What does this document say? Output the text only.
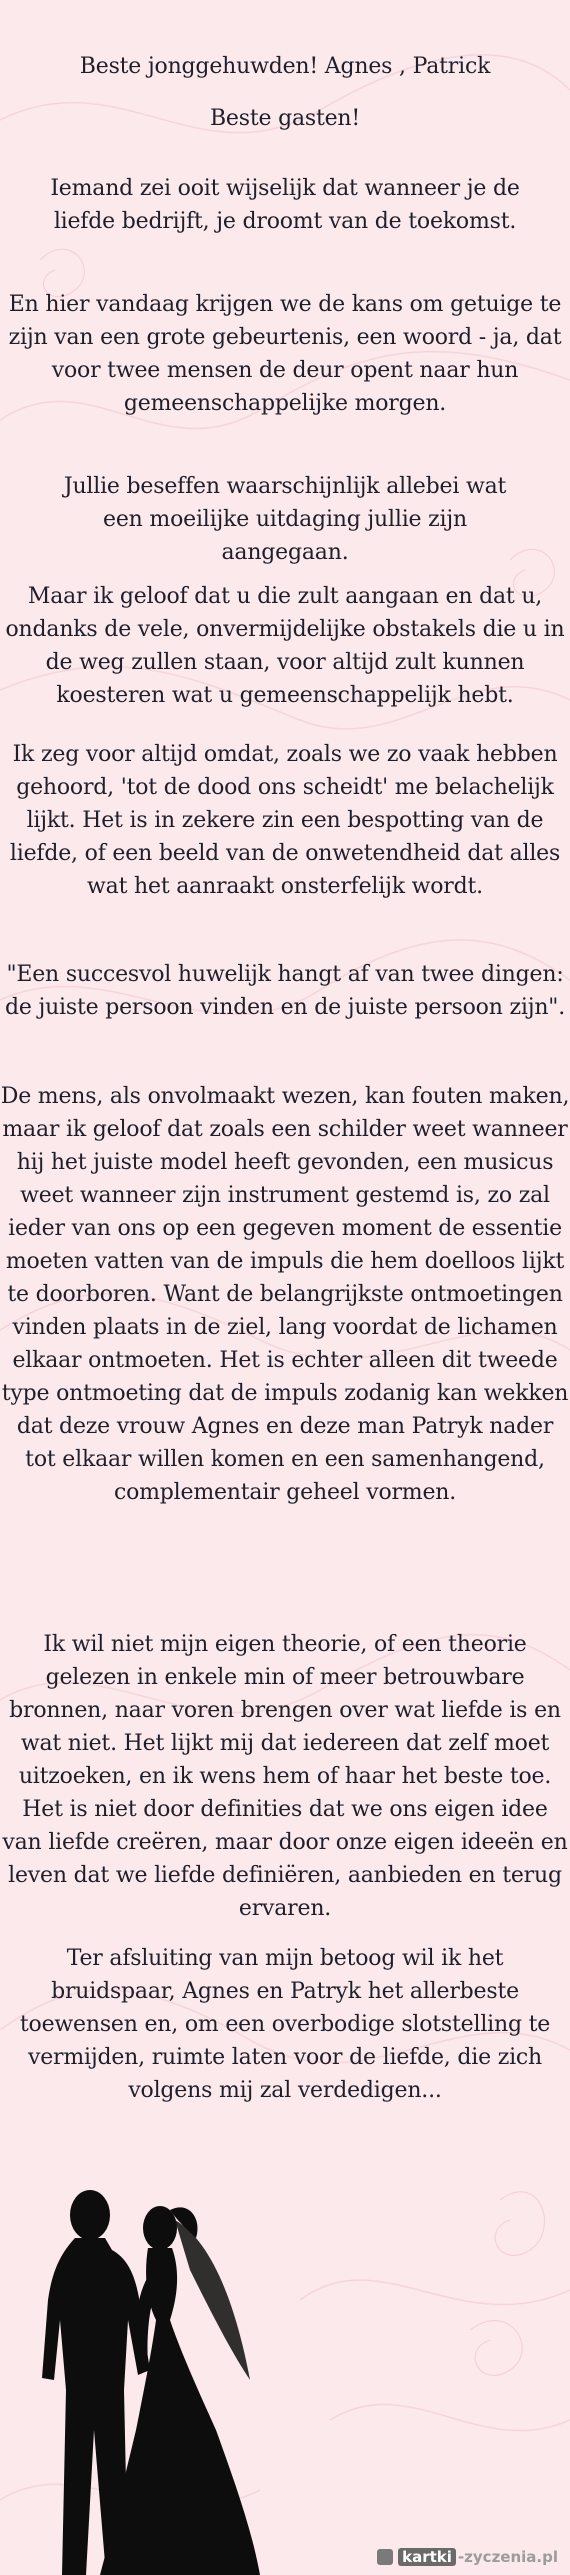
Beste jonggehuwden! Agnes , Patrick
Beste gasten!
Iemand zei ooit wijselijk dat wanneer je de liefde bedrijft, je droomt van de toekomst.
En hier vandaag krijgen we de kans om getuige te zijn van een grote gebeurtenis, een woord - ja, dat voor twee mensen de deur opent naar hun gemeenschappelijke morgen.
Jullie beseffen waarschijnlijk allebei wat een moeilijke uitdaging jullie zijn aangegaan.
Maar ik geloof dat u die zult aangaan en dat u, ondanks de vele, onvermijdelijke obstakels die u in de weg zullen staan, voor altijd zult kunnen koesteren wat u gemeenschappelijk hebt.
Ik zeg voor altijd omdat, zoals we zo vaak hebben gehoord, 'tot de dood ons scheidt' me belachelijk lijkt. Het is in zekere zin een bespotting van de liefde, of een beeld van de onwetendheid dat alles wat het aanraakt onsterfelijk wordt.
"Een succesvol huwelijk hangt af van twee dingen: de juiste persoon vinden en de juiste persoon zijn".
De mens, als onvolmaakt wezen, kan fouten maken, maar ik geloof dat zoals een schilder weet wanneer hij het juiste model heeft gevonden, een musicus weet wanneer zijn instrument gestemd is, zo zal ieder van ons op een gegeven moment de essentie moeten vatten van de impuls die hem doelloos lijkt te doorboren. Want de belangrijkste ontmoetingen vinden plaats in de ziel, lang voordat de lichamen elkaar ontmoeten. Het is echter alleen dit tweede type ontmoeting dat de impuls zodanig kan wekken dat deze vrouw Agnes en deze man Patryk nader tot elkaar willen komen en een samenhangend, complementair geheel vormen.
Ik wil niet mijn eigen theorie, of een theorie gelezen in enkele min of meer betrouwbare bronnen, naar voren brengen over wat liefde is en wat niet. Het lijkt mij dat iedereen dat zelf moet uitzoeken, en ik wens hem of haar het beste toe. Het is niet door definities dat we ons eigen idee van liefde creëren, maar door onze eigen ideeën en leven dat we liefde definiëren, aanbieden en terug ervaren.
Ter afsluiting van mijn betoog wil ik het bruidspaar, Agnes en Patryk het allerbeste toewensen en, om een overbodige slotstelling te vermijden, ruimte laten voor de liefde, die zich volgens mij zal verdedigen...
kartki -zyczenia.pl
